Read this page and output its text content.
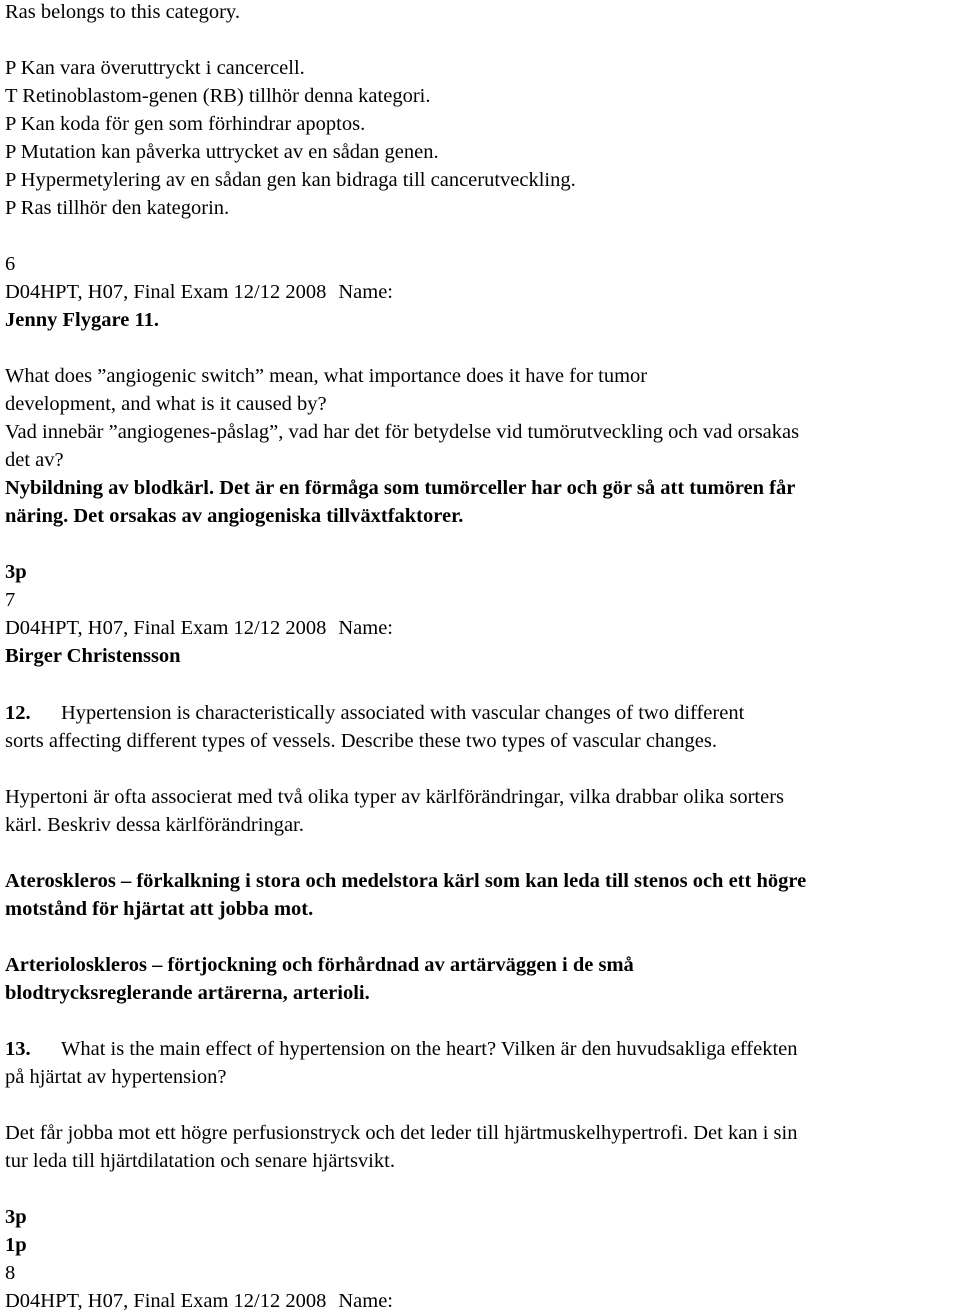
Ras belongs to this category.
P Kan vara överuttryckt i cancercell.
T Retinoblastom-genen (RB) tillhör denna kategori.
P Kan koda för gen som förhindrar apoptos.
P Mutation kan påverka uttrycket av en sådan genen.
P Hypermetylering av en sådan gen kan bidraga till cancerutveckling.
P Ras tillhör den kategorin.
6
D04HPT, H07, Final Exam 12/12 2008 Name:
Jenny Flygare 11.
What does ”angiogenic switch” mean, what importance does it have for tumor
development, and what is it caused by?
Vad innebär ”angiogenes-påslag”, vad har det för betydelse vid tumörutveckling och vad orsakas
det av?
Nybildning av blodkärl. Det är en förmåga som tumörceller har och gör så att tumören får
näring. Det orsakas av angiogeniska tillväxtfaktorer.
3p
7
D04HPT, H07, Final Exam 12/12 2008 Name:
Birger Christensson
12. Hypertension is characteristically associated with vascular changes of two different
sorts affecting different types of vessels. Describe these two types of vascular changes.
Hypertoni är ofta associerat med två olika typer av kärlförändringar, vilka drabbar olika sorters
kärl. Beskriv dessa kärlförändringar.
Ateroskleros – förkalkning i stora och medelstora kärl som kan leda till stenos och ett högre
motstånd för hjärtat att jobba mot.
Arterioloskleros – förtjockning och förhårdnad av artärväggen i de små
blodtrycksreglerande artärerna, arterioli.
13. What is the main effect of hypertension on the heart? Vilken är den huvudsakliga effekten
på hjärtat av hypertension?
Det får jobba mot ett högre perfusionstryck och det leder till hjärtmuskelhypertrofi. Det kan i sin
tur leda till hjärtdilatation och senare hjärtsvikt.
3p
1p
8
D04HPT, H07, Final Exam 12/12 2008 Name:
